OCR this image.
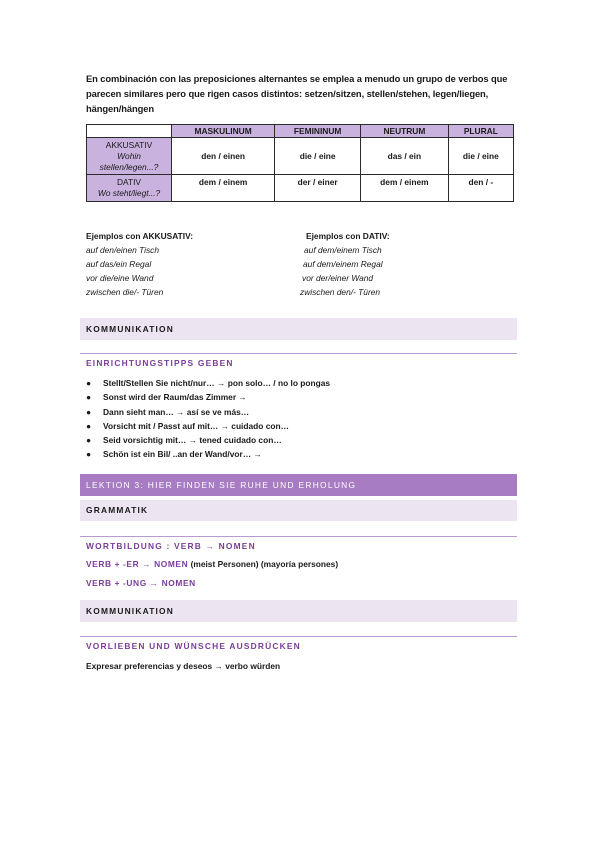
En combinación con las preposiciones alternantes se emplea a menudo un grupo de verbos que parecen similares pero que rigen casos distintos: setzen/sitzen, stellen/stehen, legen/liegen, hängen/hängen
	MASKULINUM	FEMININUM	NEUTRUM	PLURAL

AKKUSATIV
Wohin stellen/legen...?	den / einen	die / eine	das / ein	die / eine

DATIV
Wo steht/liegt...?	dem / einem	der / einer	dem / einem	den / -
Ejemplos con AKKUSATIV:
auf den/einen Tisch
auf das/ein Regal
vor die/eine Wand
zwischen die/- Türen
Ejemplos con DATIV:
auf dem/einem Tisch
auf dem/einem Regal
vor der/einer Wand
zwischen den/- Türen
KOMMUNIKATION
EINRICHTUNGSTIPPS GEBEN
● Stellt/Stellen Sie nicht/nur… → pon solo… / no lo pongas
● Sonst wird der Raum/das Zimmer →
● Dann sieht man… → así se ve más…
● Vorsicht mit / Passt auf mit… → cuidado con…
● Seid vorsichtig mit… → tened cuidado con…
● Schön ist ein Bil/ ..an der Wand/vor… →
LEKTION 3: HIER FINDEN SIE RUHE UND ERHOLUNG
GRAMMATIK
WORTBILDUNG : VERB → NOMEN
VERB + -ER → NOMEN (meist Personen) (mayoría persones)
VERB + -UNG → NOMEN
KOMMUNIKATION
VORLIEBEN UND WÜNSCHE AUSDRÜCKEN
Expresar preferencias y deseos → verbo würden
